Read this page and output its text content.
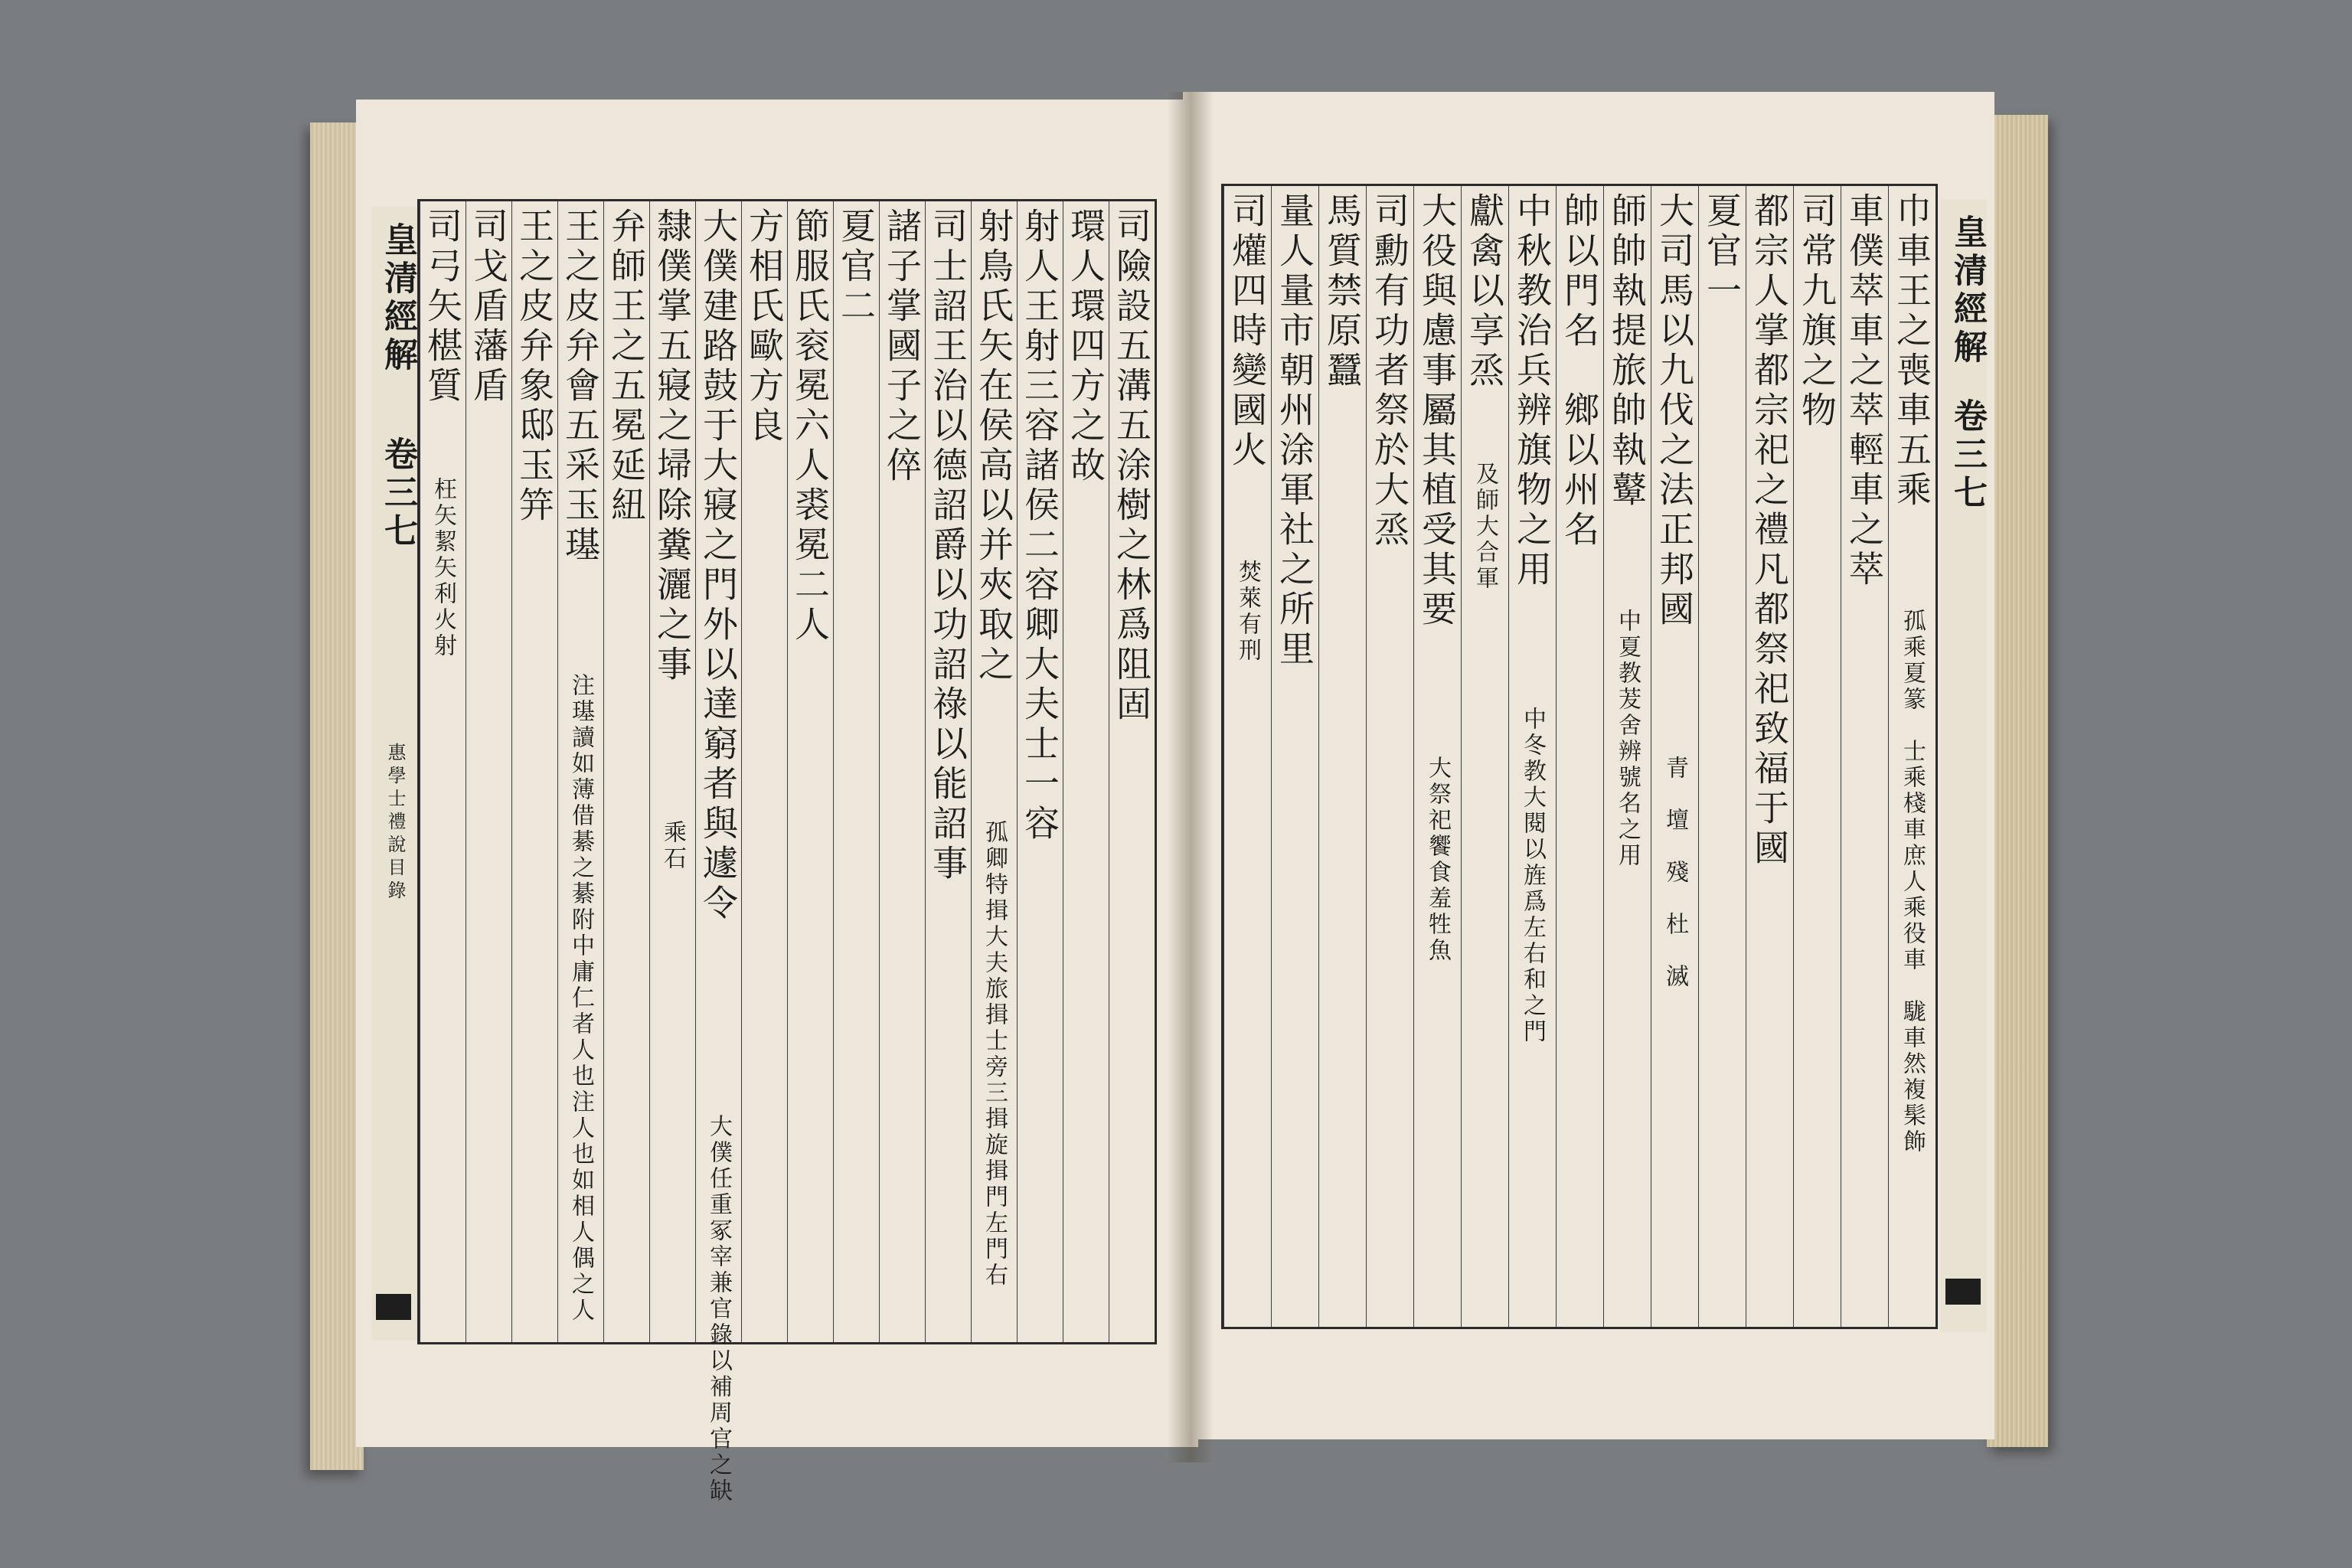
皇清經解
卷三七
惠學士禮說目錄
司險設五溝五涂樹之林爲阻固
環人環四方之故
射人王射三容諸侯二容卿大夫士一容
射鳥氏矢在侯高以并夾取之
孤卿特揖大夫旅揖士旁三揖旋揖門左門右
司士詔王治以德詔爵以功詔祿以能詔事
諸子掌國子之倅
夏官二
節服氏衮冕六人裘冕二人
方相氏歐方良
大僕建路鼓于大寢之門外以達窮者與遽令
大僕任重冢宰兼官錄以補周官之缺
隸僕掌五寢之埽除糞灑之事
乘石
弁師王之五冕延紐
王之皮弁會五采玉璂
注璂讀如薄借綦之綦附中庸仁者人也注人也如相人偶之人
王之皮弁象邸玉笄
司戈盾藩盾
司弓矢椹質
枉矢絜矢利火射
巾車王之喪車五乘
孤乘夏篆　士乘棧車庶人乘役車　駹車然複髤飾
車僕萃車之萃輕車之萃
司常九旗之物
都宗人掌都宗祀之禮凡都祭祀致福于國
夏官一
大司馬以九伐之法正邦國
青　壇　殘　杜　滅
師帥執提旅帥執鼙
中夏教茇舍辨號名之用
帥以門名　鄉以州名
中秋教治兵辨旗物之用
中冬教大閱以旌爲左右和之門
獻禽以享烝
及師大合軍
大役與慮事屬其植受其要
大祭祀饗食羞牲魚
司勳有功者祭於大烝
馬質禁原蠶
量人量市朝州涂軍社之所里
司爟四時變國火
焚萊有刑
皇清經解
卷三七
